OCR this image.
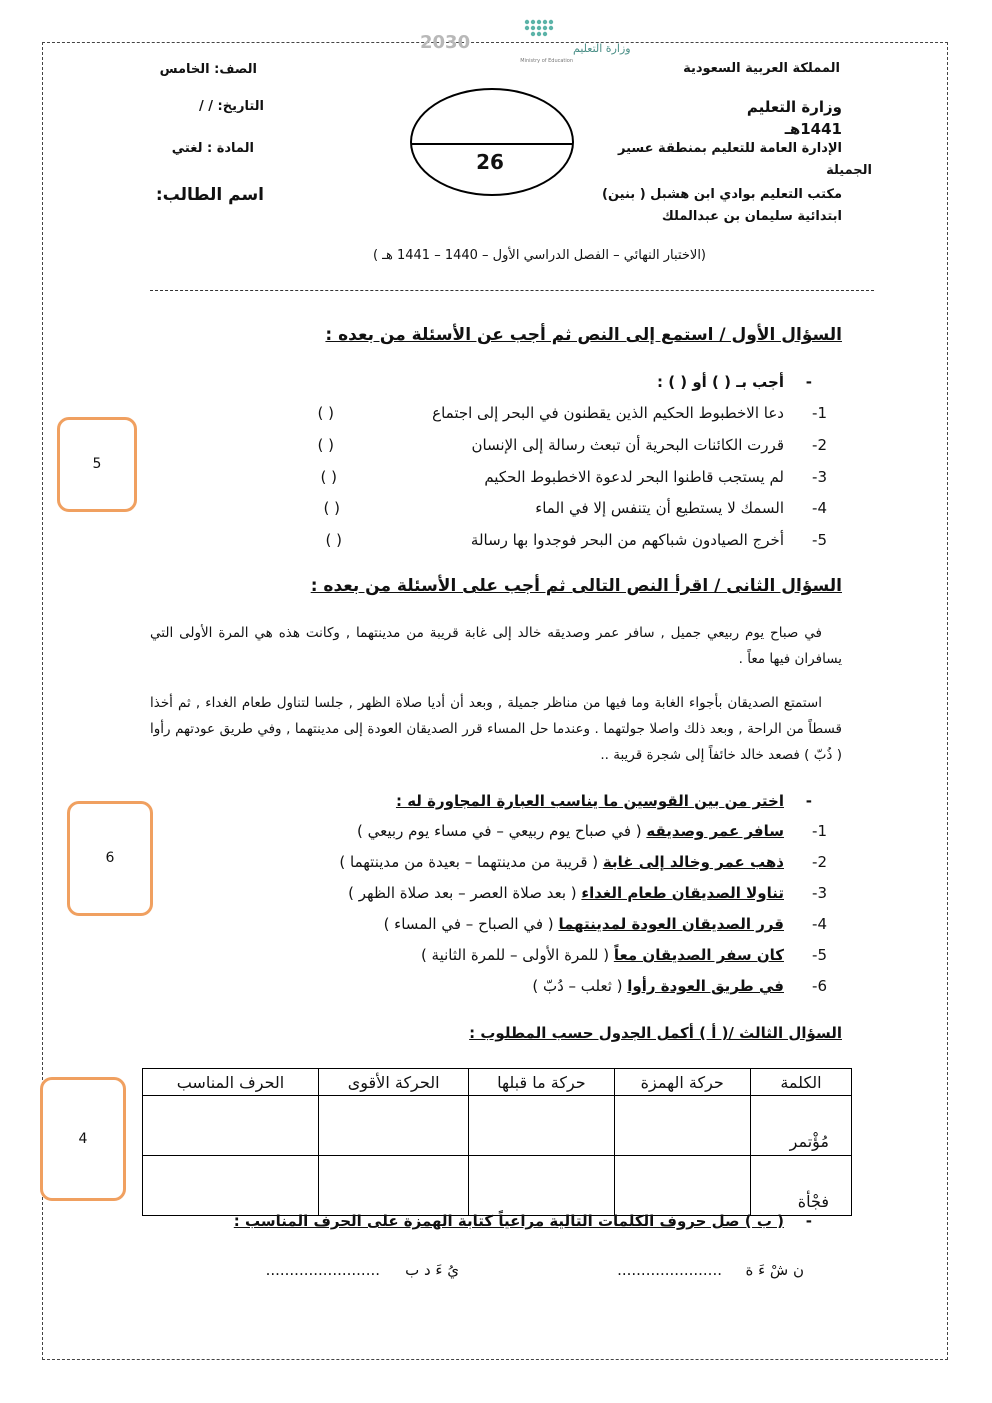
2030	وزارة التعليم
Ministry of Education	المملكة العربية السعودية
وزارة التعليم
1441هـ
الإدارة العامة للتعليم بمنطقة عسير
الجميلة
مكتب التعليم بوادي ابن هشبل ( بنين)
ابتدائية سليمان بن عبدالملك
الصف: الخامس
التاريخ: / /
المادة : لغتي
اسم الطالب:
26
(الاختبار النهائي – الفصل الدراسي الأول – 1440 – 1441 هـ )
السؤال الأول / استمع إلى النص ثم أجب عن الأسئلة من بعده :
-
أجب بـ ( ) أو ( ) :
1-
دعا الاخطبوط الحكيم الذين يقطنون في البحر إلى اجتماع
( )
2-
قررت الكائنات البحرية أن تبعث رسالة إلى الإنسان
( )
3-
لم يستجب قاطنوا البحر لدعوة الاخطبوط الحكيم
( )
4-
السمك لا يستطيع أن يتنفس إلا في الماء
( )
5-
أخرج الصيادون شباكهم من البحر فوجدوا بها رسالة
( )
5
السؤال الثانى / اقرأ النص التالى ثم أجب على الأسئلة من بعده :
في صباح يوم ربيعي جميل , سافر عمر وصديقه خالد إلى غابة قريبة من مدينتهما , وكانت هذه هي المرة الأولى التي يسافران فيها معاً .
استمتع الصديقان بأجواء الغابة وما فيها من مناظر جميلة , وبعد أن أديا صلاة الظهر , جلسا لتناول طعام الغداء , ثم أخذا قسطاً من الراحة , وبعد ذلك واصلا جولتهما . وعندما حل المساء قرر الصديقان العودة إلى مدينتهما , وفي طريق عودتهم رأوا ( ذُبّ ) فصعد خالد خائفاً إلى شجرة قريبة ..
-
اختر من بين القوسين ما يناسب العبارة المجاورة له :
1-
سافر عمر وصديقه ( في صباح يوم ربيعي – في مساء يوم ربيعي )
2-
ذهب عمر وخالد إلى غابة ( قريبة من مدينتهما – بعيدة من مدينتهما )
3-
تناولا الصديقان طعام الغداء ( بعد صلاة العصر – بعد صلاة الظهر )
4-
قرر الصديقان العودة لمدينتهما ( في الصباح – في المساء )
5-
كان سفر الصديقان معاً ( للمرة الأولى – للمرة الثانية )
6-
في طريق العودة رأوا ( ثعلب – دُبّ )
6
السؤال الثالث /( أ ) أكمل الجدول حسب المطلوب :
الكلمة	حركة الهمزة	حركة ما قبلها	الحركة الأقوى	الحرف المناسب
مُؤْتمر				
فجْأة				
4
-
( ب ) صل حروف الكلمات التالية مراعياً كتابة الهمزة على الحرف المناسب :
ن شْ ءَ ة
......................
يُ ءَ د ب
........................
